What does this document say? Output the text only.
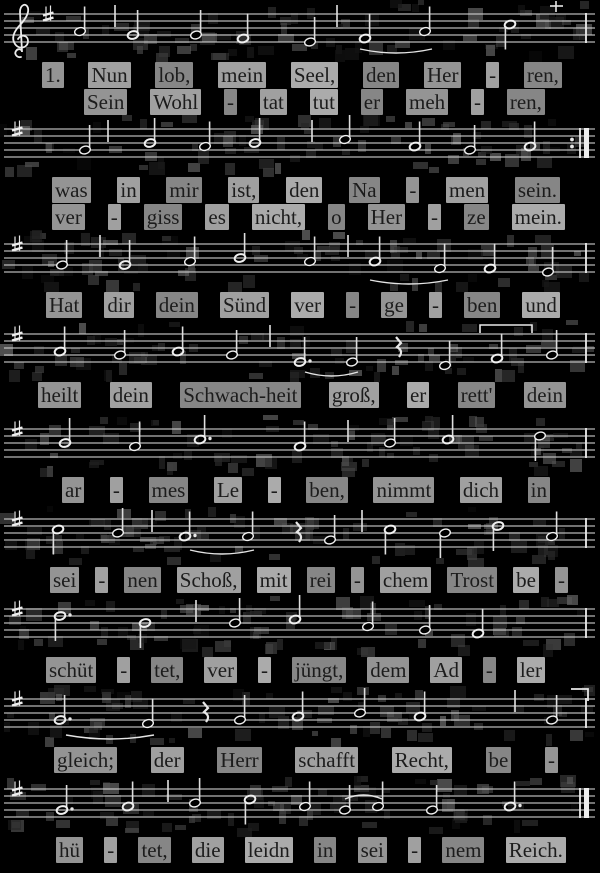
1. Nun lob, mein Seel, den Her - ren,
Sein Wohl - tat tut er meh - ren,
was in mir ist, den Na - men sein.
ver - giss es nicht, o Her - ze mein.
Hat dir dein Sünd ver - ge - ben und
heilt dein Schwach-heit groß, er rett' dein
ar - mes Le - ben, nimmt dich in
sei - nen Schoß, mit rei - chem Trost be -
schüt - tet, ver - jüngt, dem Ad - ler
gleich; der Herr schafft Recht, be -
hü - tet, die leidn in sei - nem Reich.
